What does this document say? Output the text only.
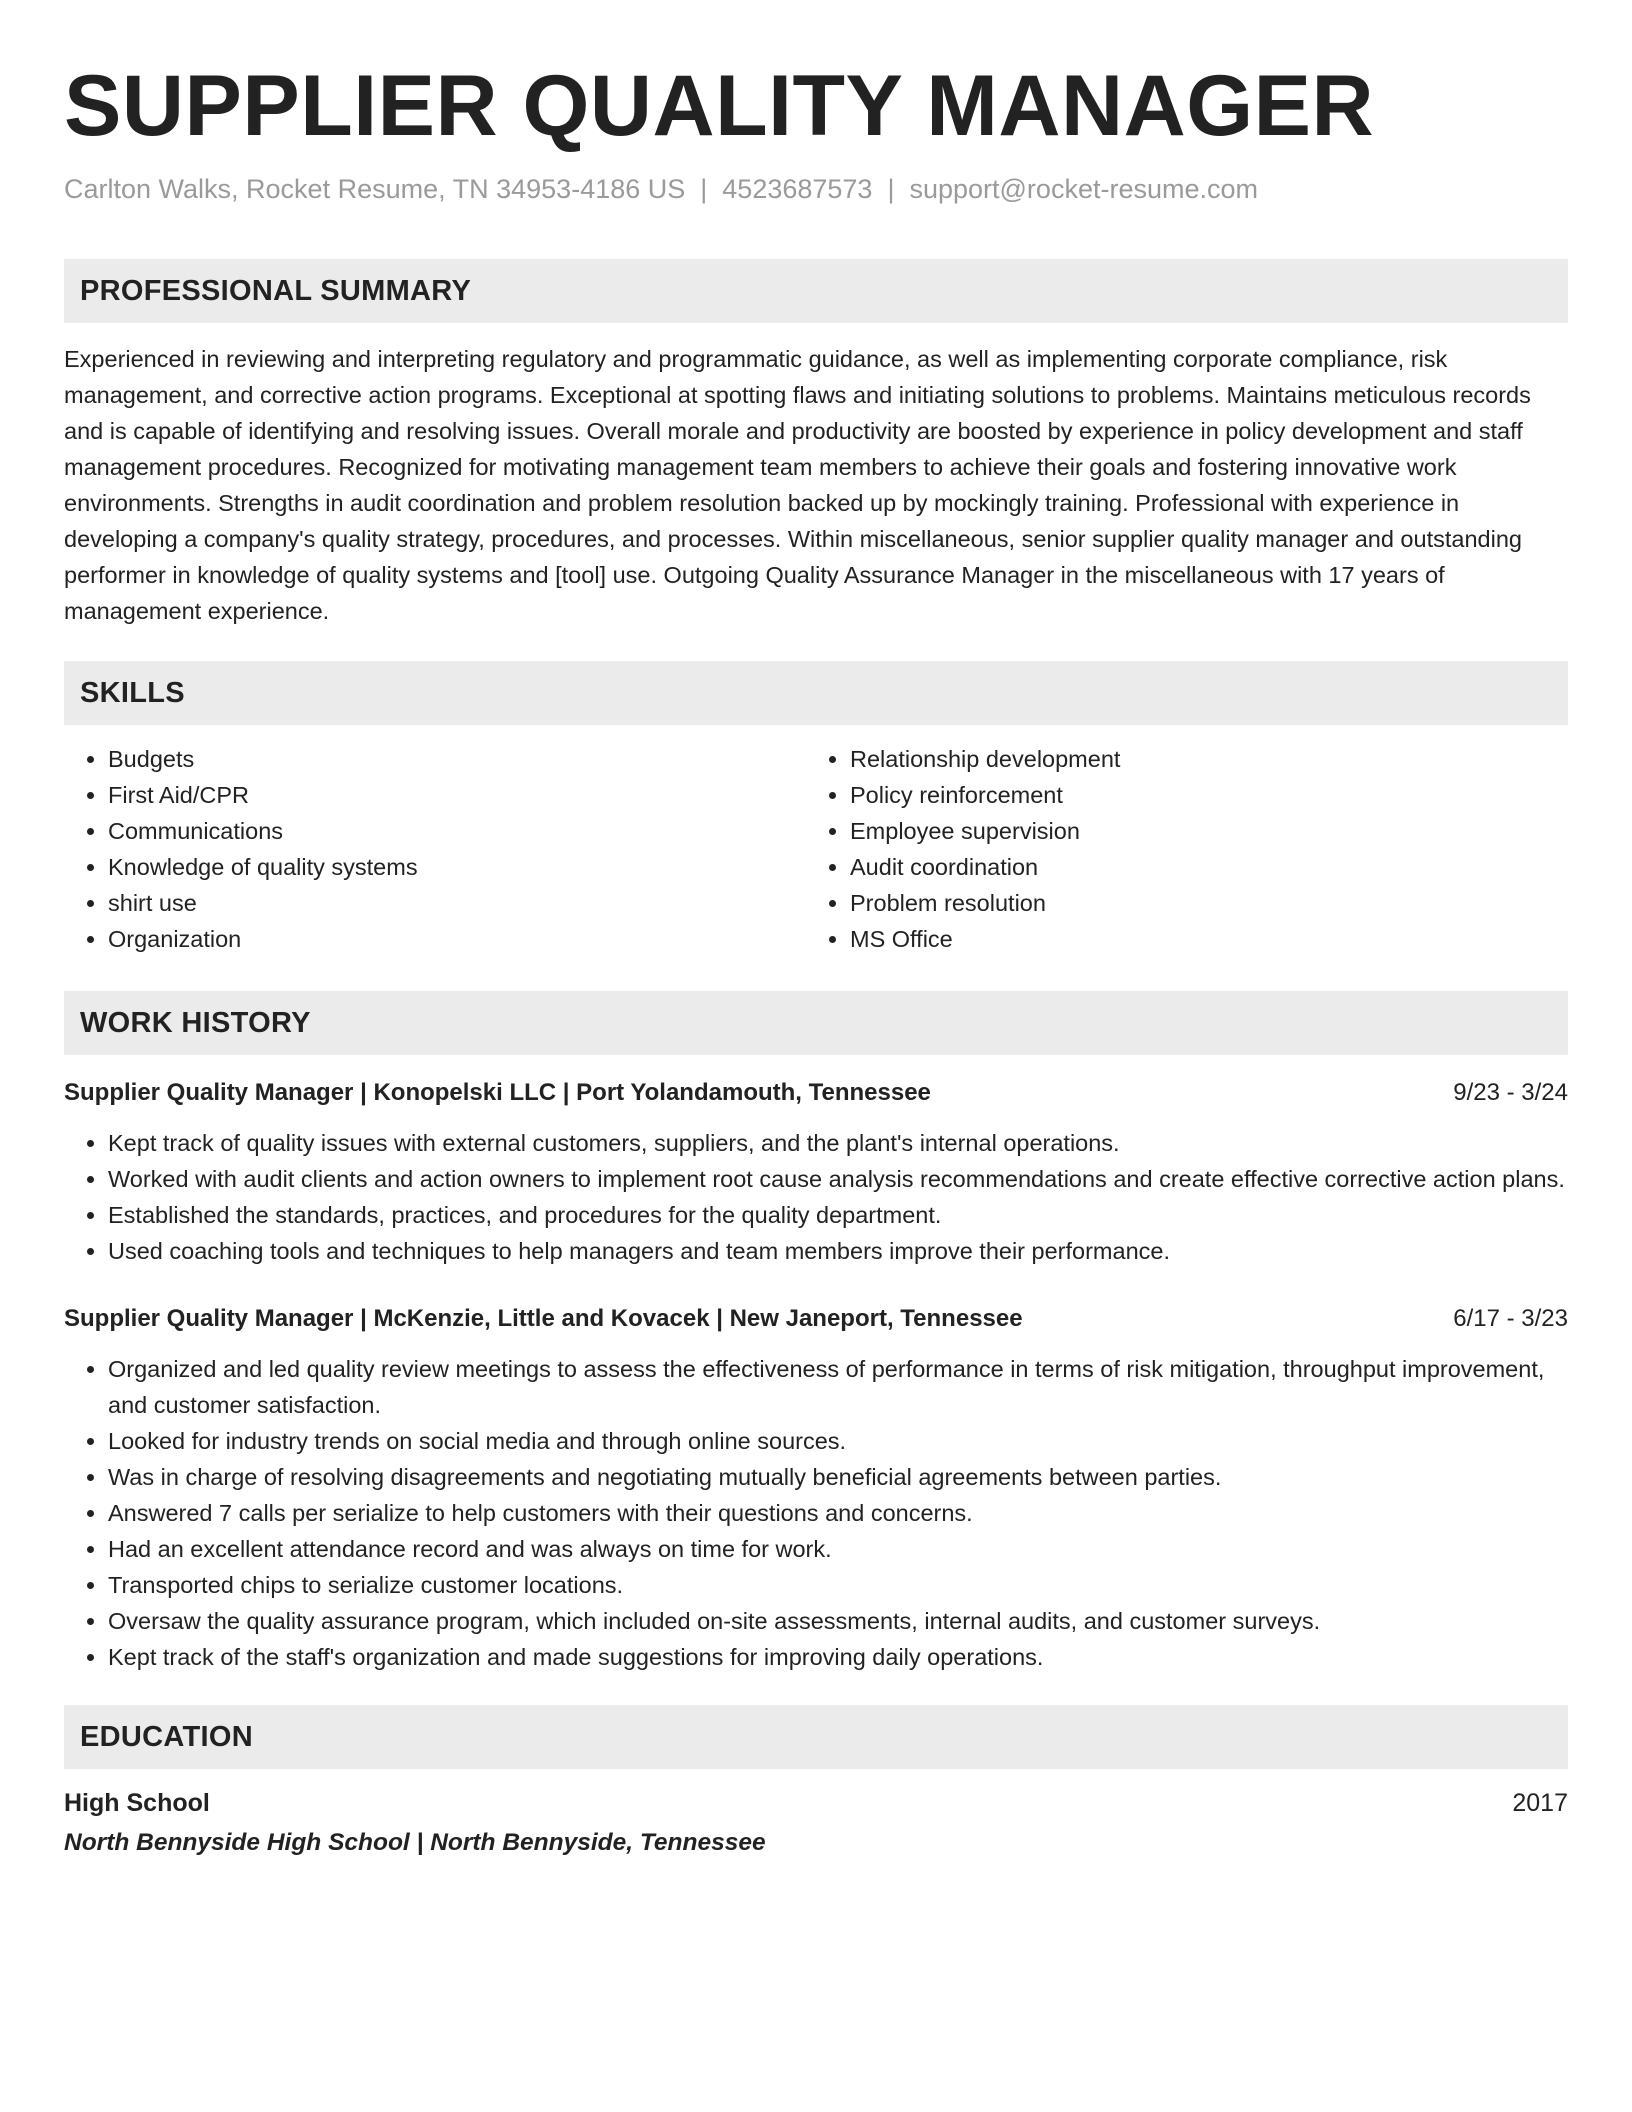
SUPPLIER QUALITY MANAGER
Carlton Walks, Rocket Resume, TN 34953-4186 US | 4523687573 | support@rocket-resume.com
PROFESSIONAL SUMMARY

Experienced in reviewing and interpreting regulatory and programmatic guidance, as well as implementing corporate compliance, risk management, and corrective action programs. Exceptional at spotting flaws and initiating solutions to problems. Maintains meticulous records and is capable of identifying and resolving issues. Overall morale and productivity are boosted by experience in policy development and staff management procedures. Recognized for motivating management team members to achieve their goals and fostering innovative work environments. Strengths in audit coordination and problem resolution backed up by mockingly training. Professional with experience in developing a company's quality strategy, procedures, and processes. Within miscellaneous, senior supplier quality manager and outstanding performer in knowledge of quality systems and [tool] use. Outgoing Quality Assurance Manager in the miscellaneous with 17 years of management experience.

SKILLS
• Budgets
• First Aid/CPR
• Communications
• Knowledge of quality systems
• shirt use
• Organization
• Relationship development
• Policy reinforcement
• Employee supervision
• Audit coordination
• Problem resolution
• MS Office
WORK HISTORY
Supplier Quality Manager | Konopelski LLC | Port Yolandamouth, Tennessee	9/23 - 3/24
• Kept track of quality issues with external customers, suppliers, and the plant's internal operations.
• Worked with audit clients and action owners to implement root cause analysis recommendations and create effective corrective action plans.
• Established the standards, practices, and procedures for the quality department.
• Used coaching tools and techniques to help managers and team members improve their performance.
Supplier Quality Manager | McKenzie, Little and Kovacek | New Janeport, Tennessee	6/17 - 3/23
• Organized and led quality review meetings to assess the effectiveness of performance in terms of risk mitigation, throughput improvement, and customer satisfaction.
• Looked for industry trends on social media and through online sources.
• Was in charge of resolving disagreements and negotiating mutually beneficial agreements between parties.
• Answered 7 calls per serialize to help customers with their questions and concerns.
• Had an excellent attendance record and was always on time for work.
• Transported chips to serialize customer locations.
• Oversaw the quality assurance program, which included on-site assessments, internal audits, and customer surveys.
• Kept track of the staff's organization and made suggestions for improving daily operations.
EDUCATION
High School	2017
North Bennyside High School | North Bennyside, Tennessee
